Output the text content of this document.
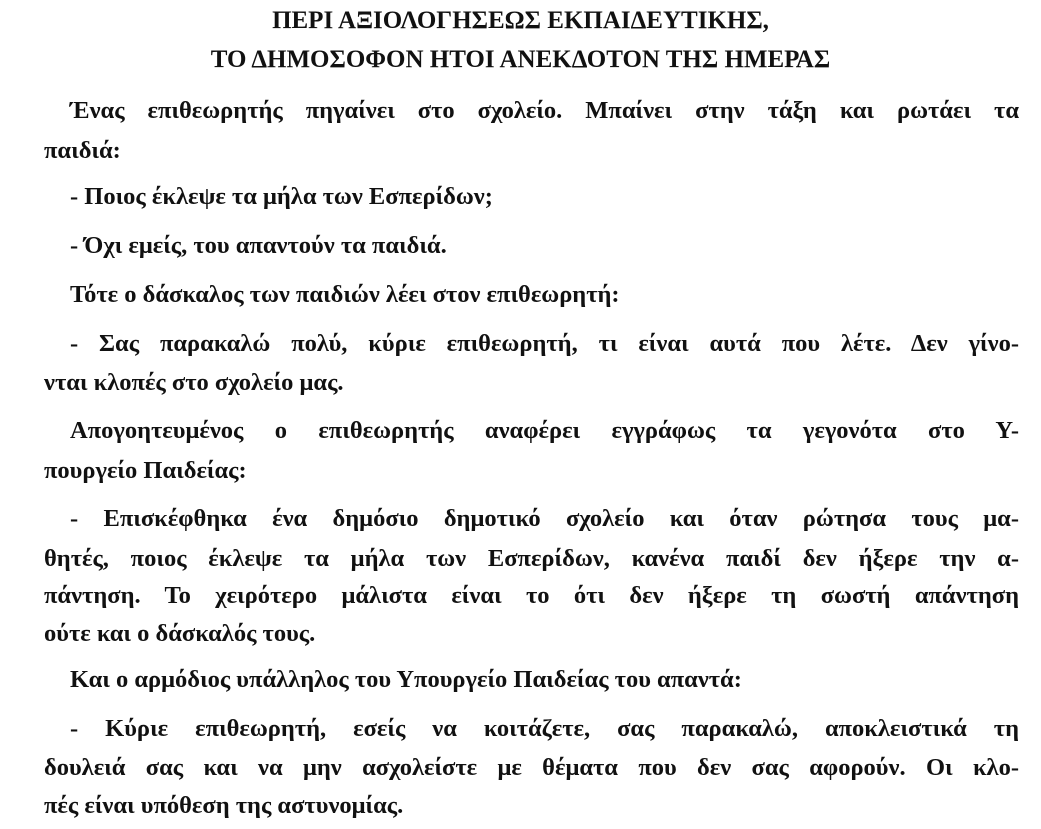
ΠΕΡΙ ΑΞΙΟΛΟΓΗΣΕΩΣ ΕΚΠΑΙΔΕΥΤΙΚΗΣ,
ΤΟ ΔΗΜΟΣΟΦΟΝ ΗΤΟΙ ΑΝΕΚΔΟΤΟΝ ΤΗΣ ΗΜΕΡΑΣ
Ένας επιθεωρητής πηγαίνει στο σχολείο. Μπαίνει στην τάξη και ρωτάει τα
παιδιά:
- Ποιος έκλεψε τα μήλα των Εσπερίδων;
- Όχι εμείς, του απαντούν τα παιδιά.
Τότε ο δάσκαλος των παιδιών λέει στον επιθεωρητή:
- Σας παρακαλώ πολύ, κύριε επιθεωρητή, τι είναι αυτά που λέτε. Δεν γίνο-
νται κλοπές στο σχολείο μας.
Απογοητευμένος ο επιθεωρητής αναφέρει εγγράφως τα γεγονότα στο Υ-
πουργείο Παιδείας:
- Επισκέφθηκα ένα δημόσιο δημοτικό σχολείο και όταν ρώτησα τους μα-
θητές, ποιος έκλεψε τα μήλα των Εσπερίδων, κανένα παιδί δεν ήξερε την α-
πάντηση. Το χειρότερο μάλιστα είναι το ότι δεν ήξερε τη σωστή απάντηση
ούτε και ο δάσκαλός τους.
Και ο αρμόδιος υπάλληλος του Υπουργείο Παιδείας του απαντά:
- Κύριε επιθεωρητή, εσείς να κοιτάζετε, σας παρακαλώ, αποκλειστικά τη
δουλειά σας και να μην ασχολείστε με θέματα που δεν σας αφορούν. Οι κλο-
πές είναι υπόθεση της αστυνομίας.
